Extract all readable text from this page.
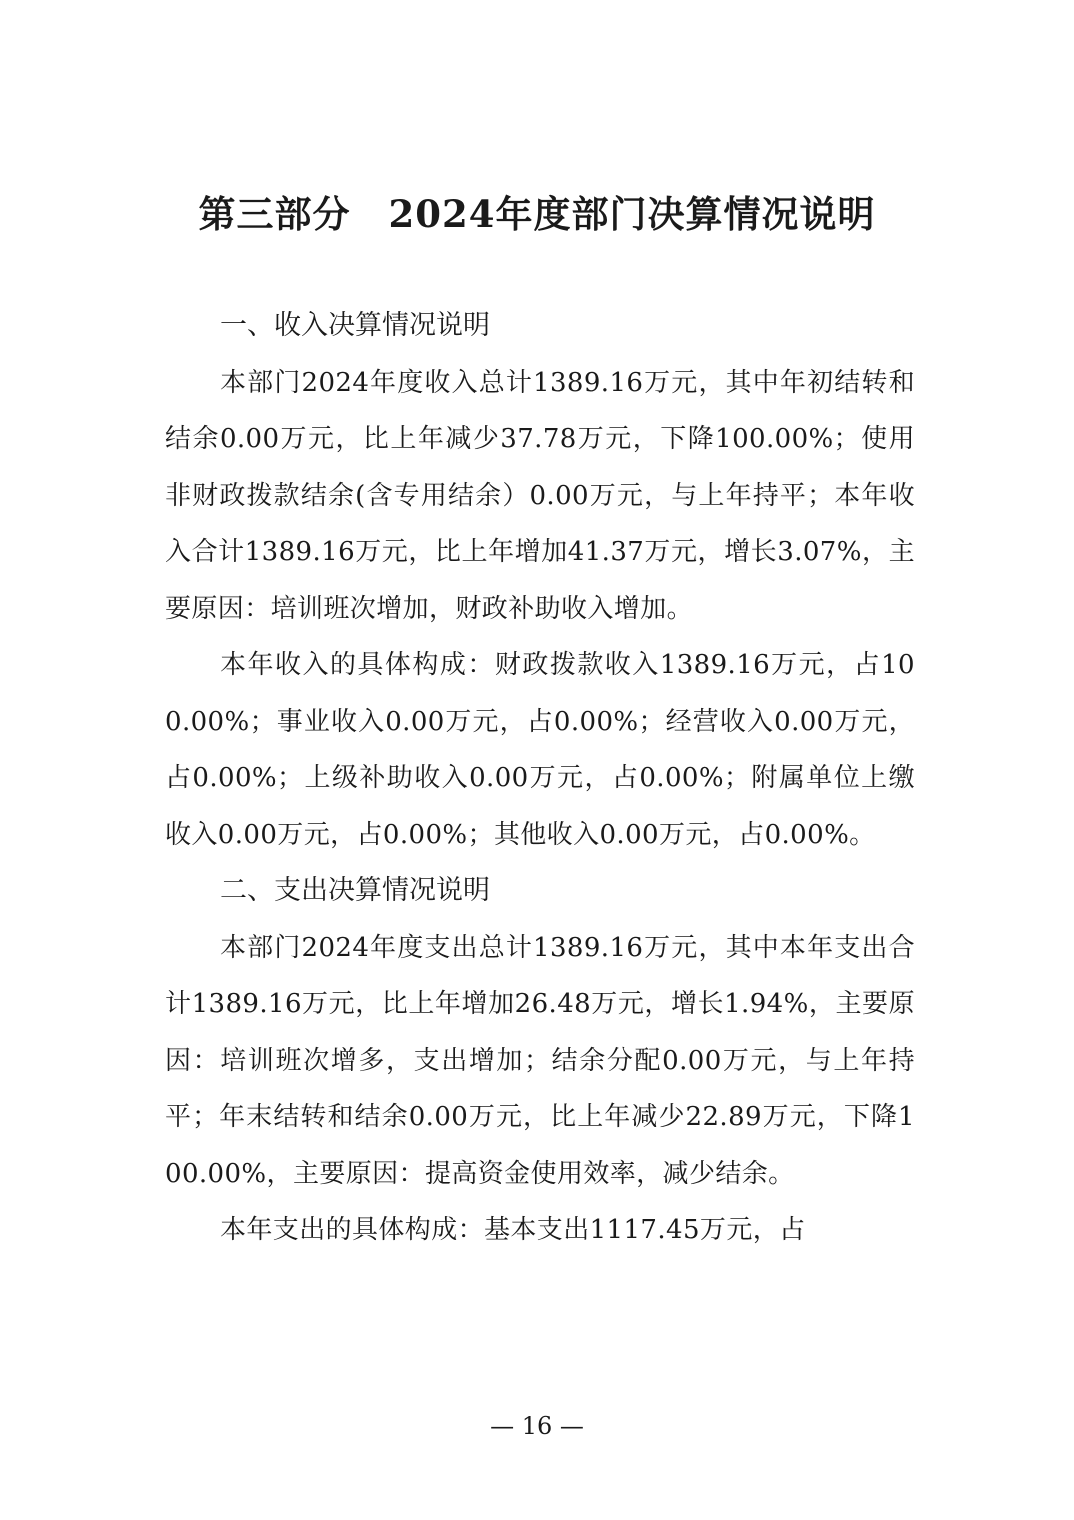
第三部分　2024年度部门决算情况说明
一、收入决算情况说明

本部门2024年度收入总计1389.16万元，其中年初结转和结余0.00万元，比上年减少37.78万元，下降100.00%；使用非财政拨款结余(含专用结余）0.00万元，与上年持平；本年收入合计1389.16万元，比上年增加41.37万元，增长3.07%，主要原因：培训班次增加，财政补助收入增加。

本年收入的具体构成：财政拨款收入1389.16万元，占100.00%；事业收入0.00万元，占0.00%；经营收入0.00万元，占0.00%；上级补助收入0.00万元，占0.00%；附属单位上缴收入0.00万元，占0.00%；其他收入0.00万元，占0.00%。

二、支出决算情况说明

本部门2024年度支出总计1389.16万元，其中本年支出合计1389.16万元，比上年增加26.48万元，增长1.94%，主要原因：培训班次增多，支出增加；结余分配0.00万元，与上年持平；年末结转和结余0.00万元，比上年减少22.89万元，下降100.00%，主要原因：提高资金使用效率，减少结余。

本年支出的具体构成：基本支出1117.45万元，占

— 16 —
